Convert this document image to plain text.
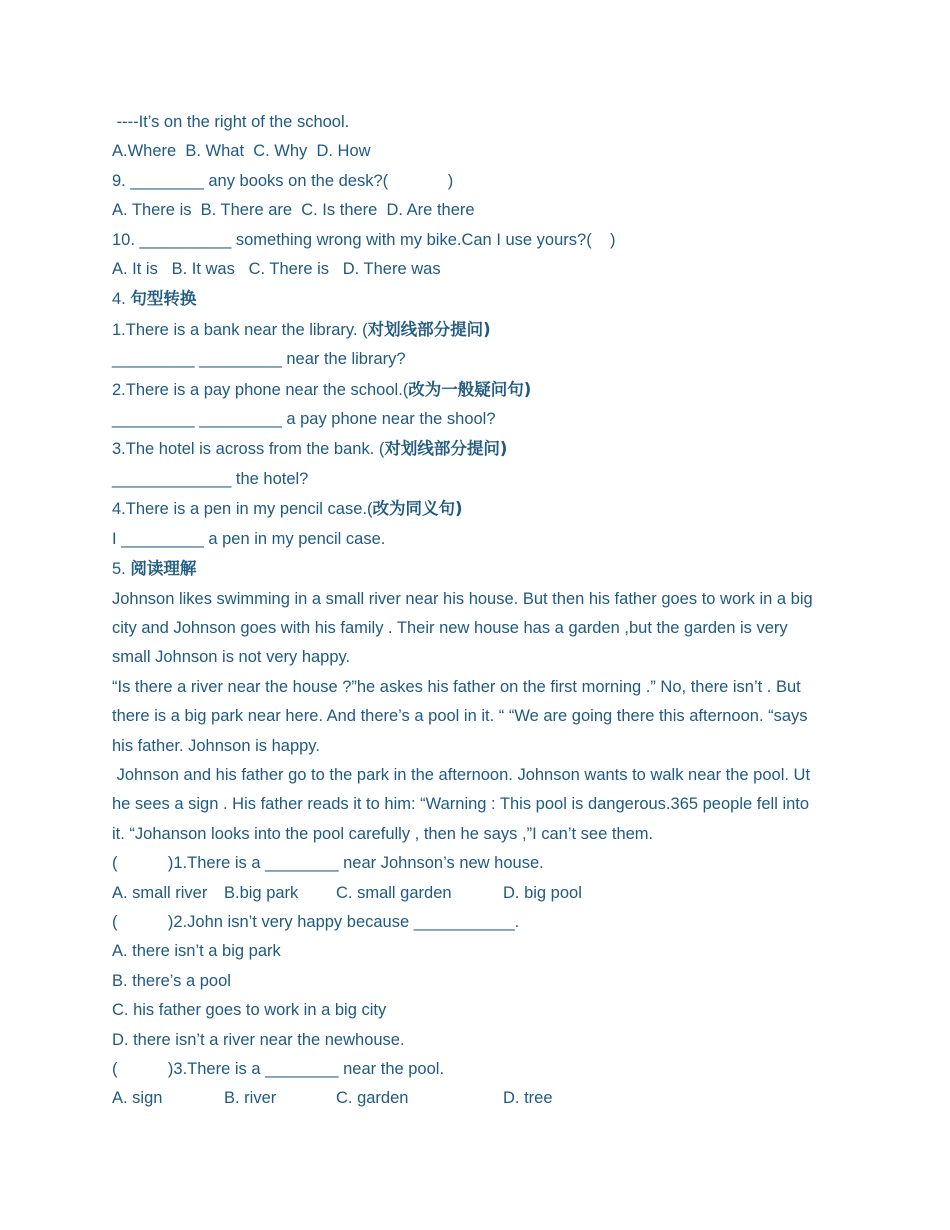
----It’s on the right of the school.
A.Where  B. What  C. Why  D. How
9. ________ any books on the desk?(             )
A. There is  B. There are  C. Is there  D. Are there
10. __________ something wrong with my bike.Can I use yours?(    )
A. It is   B. It was   C. There is   D. There was
4. 句型转换
1.There is a bank near the library. (对划线部分提问)
_________ _________ near the library?
2.There is a pay phone near the school.(改为一般疑问句)
_________ _________ a pay phone near the shool?
3.The hotel is across from the bank. (对划线部分提问)
_____________ the hotel?
4.There is a pen in my pencil case.(改为同义句)
I _________ a pen in my pencil case.
5. 阅读理解
Johnson likes swimming in a small river near his house. But then his father goes to work in a big
city and Johnson goes with his family . Their new house has a garden ,but the garden is very
small Johnson is not very happy.
“Is there a river near the house ?”he askes his father on the first morning .” No, there isn’t . But
there is a big park near here. And there’s a pool in it. “ “We are going there this afternoon. “says
his father. Johnson is happy.
Johnson and his father go to the park in the afternoon. Johnson wants to walk near the pool. Ut
he sees a sign . His father reads it to him: “Warning : This pool is dangerous.365 people fell into
it. “Johanson looks into the pool carefully , then he says ,”I can’t see them.
(           )1.There is a ________ near Johnson’s new house.
A. small river B.big park C. small garden	D. big pool
(           )2.John isn’t very happy because ___________.
A. there isn’t a big park
B. there’s a pool
C. his father goes to work in a big city
D. there isn’t a river near the newhouse.
(           )3.There is a ________ near the pool.
A. sign	B. river	C. garden	D. tree
